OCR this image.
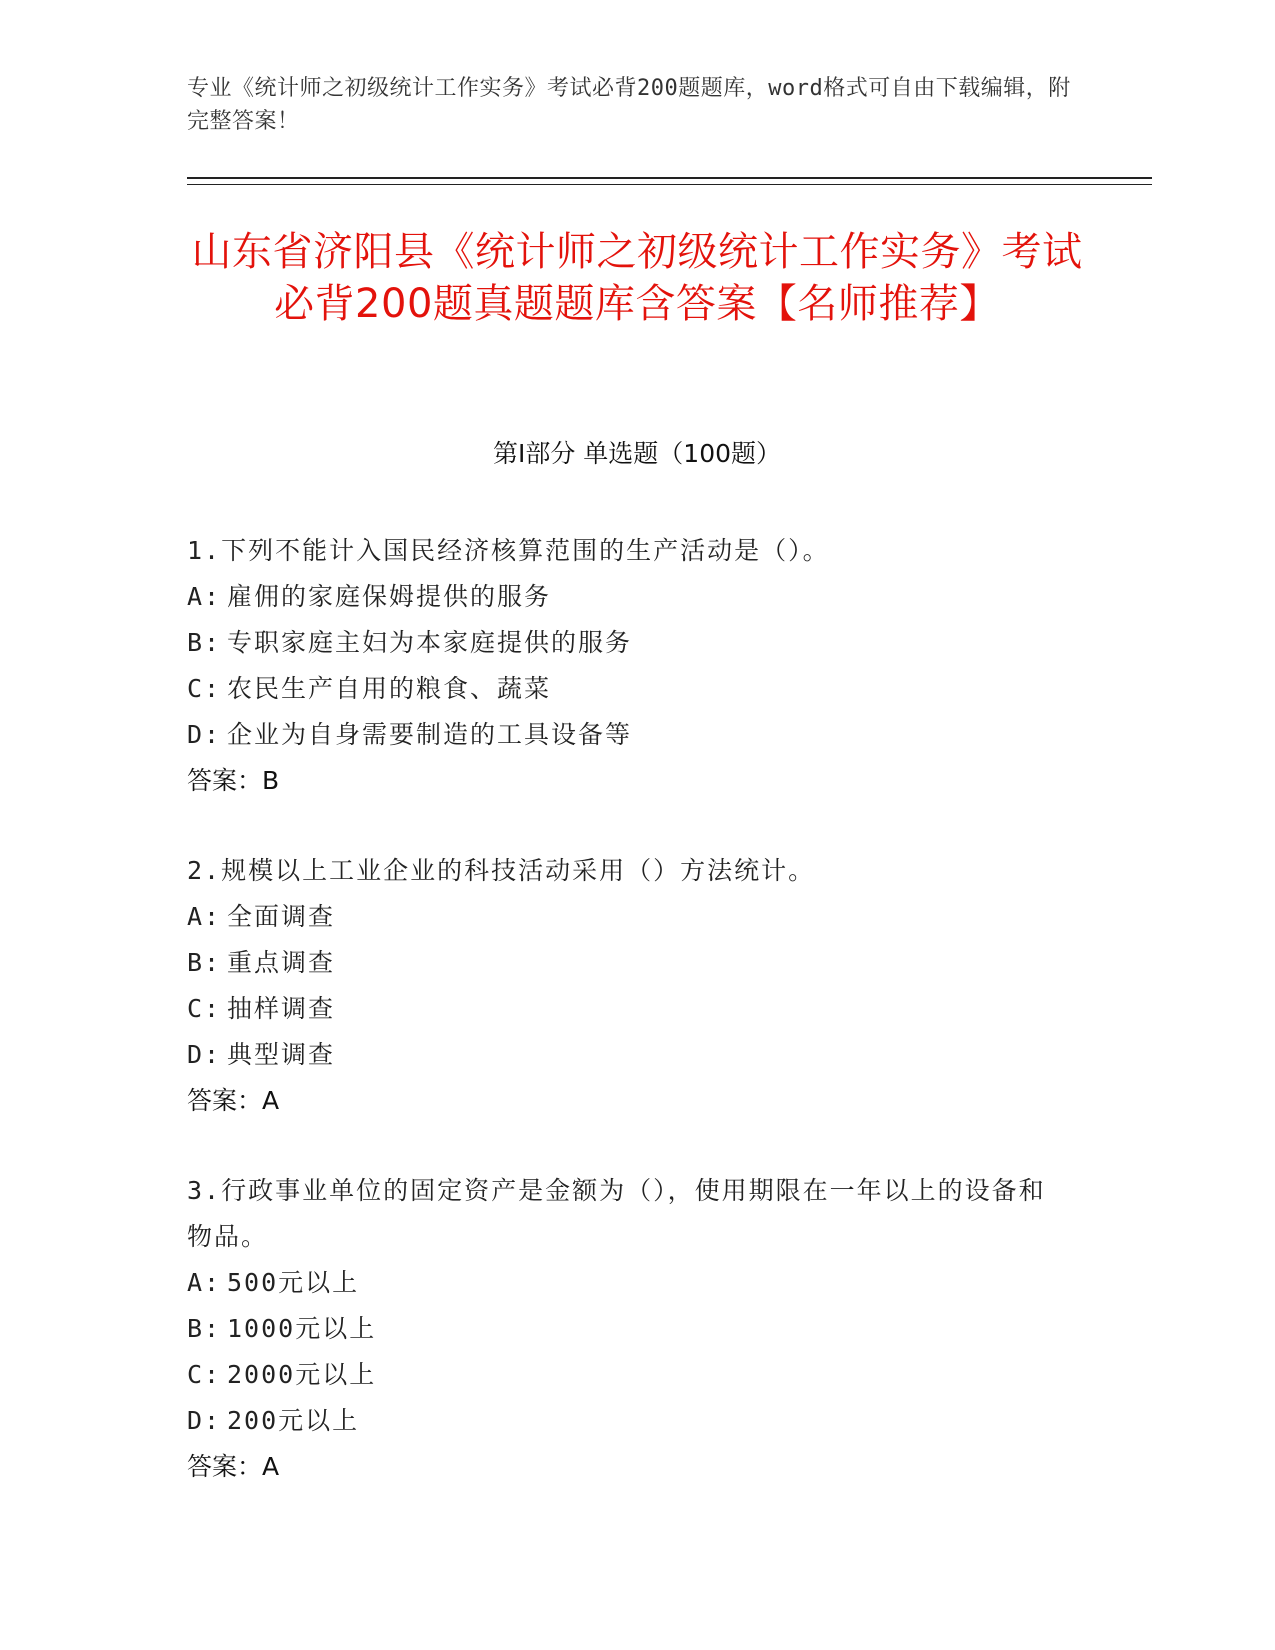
专业《统计师之初级统计工作实务》考试必背200题题库，word格式可自由下载编辑，附完整答案！
山东省济阳县《统计师之初级统计工作实务》考试必背200题真题题库含答案【名师推荐】
第I部分 单选题（100题）
1.下列不能计入国民经济核算范围的生产活动是（）。
A: 雇佣的家庭保姆提供的服务
B: 专职家庭主妇为本家庭提供的服务
C: 农民生产自用的粮食、蔬菜
D: 企业为自身需要制造的工具设备等
答案：B
2.规模以上工业企业的科技活动采用（）方法统计。
A: 全面调查
B: 重点调查
C: 抽样调查
D: 典型调查
答案：A
3.行政事业单位的固定资产是金额为（），使用期限在一年以上的设备和物品。
A: 500元以上
B: 1000元以上
C: 2000元以上
D: 200元以上
答案：A
